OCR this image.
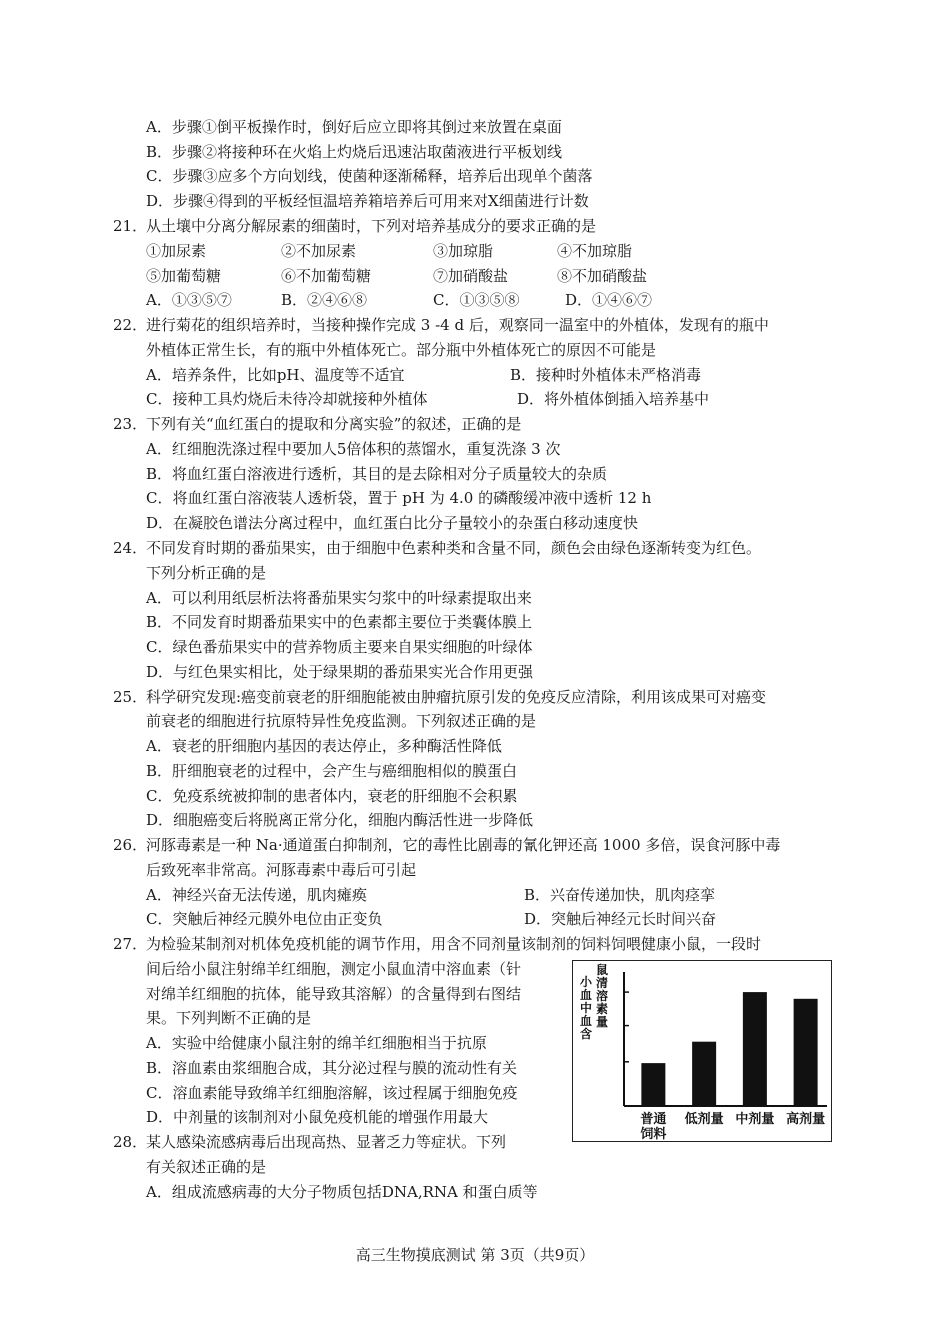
A．步骤①倒平板操作时，倒好后应立即将其倒过来放置在桌面
B．步骤②将接种环在火焰上灼烧后迅速沾取菌液进行平板划线
C．步骤③应多个方向划线，使菌种逐渐稀释，培养后出现单个菌落
D．步骤④得到的平板经恒温培养箱培养后可用来对X细菌进行计数
21．
从土壤中分离分解尿素的细菌时，下列对培养基成分的要求正确的是
①加尿素	②不加尿素	③加琼脂	④不加琼脂
⑤加葡萄糖	⑥不加葡萄糖	⑦加硝酸盐	⑧不加硝酸盐
A．①③⑤⑦	B．②④⑥⑧	C．①③⑤⑧	D．①④⑥⑦
22．
进行菊花的组织培养时，当接种操作完成 3 -4 d 后，观察同一温室中的外植体，发现有的瓶中
外植体正常生长，有的瓶中外植体死亡。部分瓶中外植体死亡的原因不可能是
A．培养条件，比如pH、温度等不适宜	B．接种时外植体未严格消毒
C．接种工具灼烧后未待冷却就接种外植体	D．将外植体倒插入培养基中
23．
下列有关“血红蛋白的提取和分离实验”的叙述，正确的是
A．红细胞洗涤过程中要加人5倍体积的蒸馏水，重复洗涤 3 次
B．将血红蛋白溶液进行透析，其目的是去除相对分子质量较大的杂质
C．将血红蛋白溶液装人透析袋，置于 pH 为 4.0 的磷酸缓冲液中透析 12 h
D．在凝胶色谱法分离过程中，血红蛋白比分子量较小的杂蛋白移动速度快
24．
不同发育时期的番茄果实，由于细胞中色素种类和含量不同，颜色会由绿色逐渐转变为红色。
下列分析正确的是
A．可以利用纸层析法将番茄果实匀浆中的叶绿素提取出来
B．不同发育时期番茄果实中的色素都主要位于类囊体膜上
C．绿色番茄果实中的营养物质主要来自果实细胞的叶绿体
D．与红色果实相比，处于绿果期的番茄果实光合作用更强
25．
科学研究发现:癌变前衰老的肝细胞能被由肿瘤抗原引发的免疫反应清除，利用该成果可对癌变
前衰老的细胞进行抗原特异性免疫监测。下列叙述正确的是
A．衰老的肝细胞内基因的表达停止，多种酶活性降低
B．肝细胞衰老的过程中，会产生与癌细胞相似的膜蛋白
C．免疫系统被抑制的患者体内，衰老的肝细胞不会积累
D．细胞癌变后将脱离正常分化，细胞内酶活性进一步降低
26．
河豚毒素是一种 Na·通道蛋白抑制剂，它的毒性比剧毒的氰化钾还高 1000 多倍，误食河豚中毒
后致死率非常高。河豚毒素中毒后可引起
A．神经兴奋无法传递，肌肉瘫痪	B．兴奋传递加快，肌肉痉挛
C．突触后神经元膜外电位由正变负	D．突触后神经元长时间兴奋
27．
为检验某制剂对机体免疫机能的调节作用，用含不同剂量该制剂的饲料饲喂健康小鼠，一段时
间后给小鼠注射绵羊红细胞，测定小鼠血清中溶血素（针
对绵羊红细胞的抗体，能导致其溶解）的含量得到右图结
果。下列判断不正确的是
A．实验中给健康小鼠注射的绵羊红细胞相当于抗原
B．溶血素由浆细胞合成，其分泌过程与膜的流动性有关
C．溶血素能导致绵羊红细胞溶解，该过程属于细胞免疫
D．中剂量的该制剂对小鼠免疫机能的增强作用最大	普通饲料
低剂量 中剂量 高剂量
小血中血含
鼠清溶素量
28．
某人感染流感病毒后出现高热、显著乏力等症状。下列
有关叙述正确的是
A．组成流感病毒的大分子物质包括DNA,RNA 和蛋白质等
高三生物摸底测试 第 3页（共9页）
